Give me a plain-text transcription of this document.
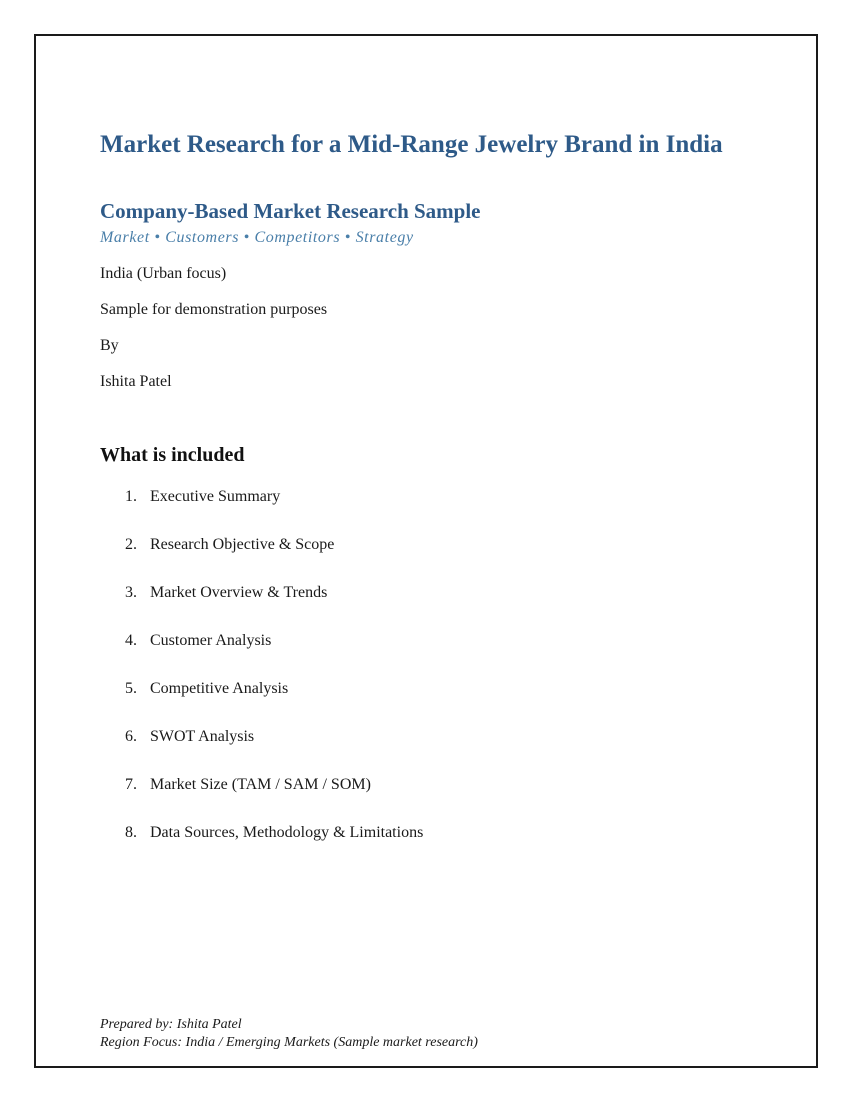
Market Research for a Mid-Range Jewelry Brand in India
Company-Based Market Research Sample

Market • Customers • Competitors • Strategy

India (Urban focus)

Sample for demonstration purposes

By

Ishita Patel

What is included
1. Executive Summary
2. Research Objective & Scope
3. Market Overview & Trends
4. Customer Analysis
5. Competitive Analysis
6. SWOT Analysis
7. Market Size (TAM / SAM / SOM)
8. Data Sources, Methodology & Limitations
Prepared by: Ishita Patel
Region Focus: India / Emerging Markets (Sample market research)
